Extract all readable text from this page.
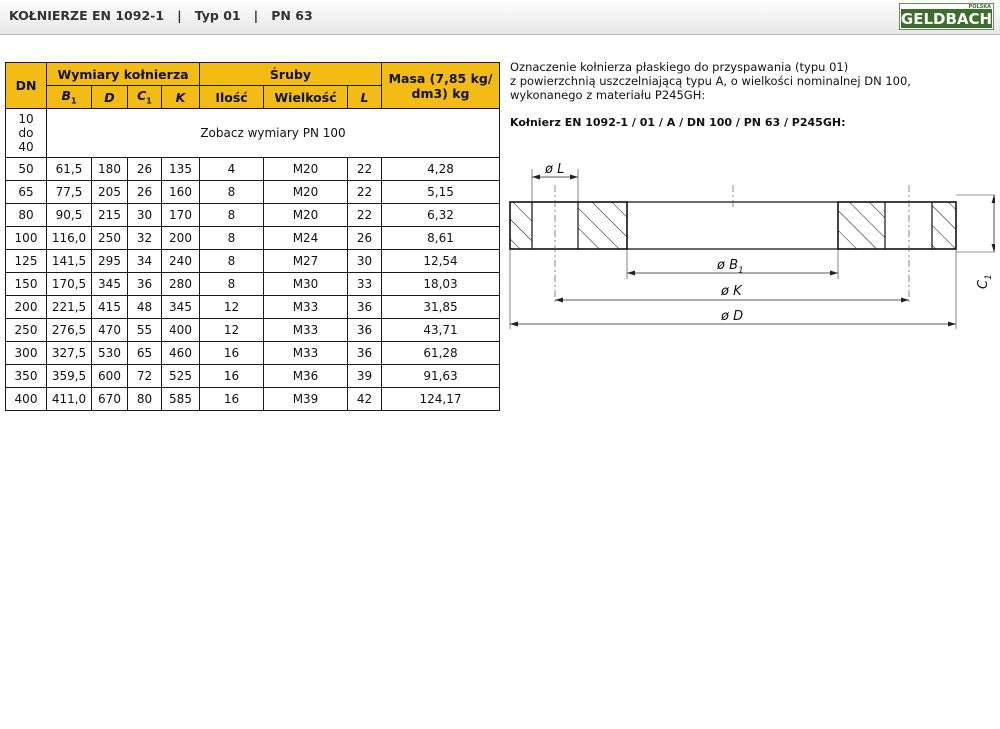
KOŁNIERZE EN 1092-1   |   Typ 01   |   PN 63	GELDBACH
POLSKA
DN	Wymiary kołnierza				Śruby			Masa (7,85 kg/ dm3) kg
	$B_1$	D	$C_1$	K	Ilość	Wielkość	L	
10
do
40	Zobacz wymiary PN 100							
50	61,5	180	26	135	4	M20	22	4,28
65	77,5	205	26	160	8	M20	22	5,15
80	90,5	215	30	170	8	M20	22	6,32
100	116,0	250	32	200	8	M24	26	8,61
125	141,5	295	34	240	8	M27	30	12,54
150	170,5	345	36	280	8	M30	33	18,03
200	221,5	415	48	345	12	M33	36	31,85
250	276,5	470	55	400	12	M33	36	43,71
300	327,5	530	65	460	16	M33	36	61,28
350	359,5	600	72	525	16	M36	39	91,63
400	411,0	670	80	585	16	M39	42	124,17
Oznaczenie kołnierza płaskiego do przyspawania (typu 01)
z powierzchnią uszczelniającą typu A, o wielkości nominalnej DN 100,
wykonanego z materiału P245GH:
Kołnierz EN 1092-1 / 01 / A / DN 100 / PN 63 / P245GH:
ø L
ø $B_1$
ø K
ø D
$C_1$
